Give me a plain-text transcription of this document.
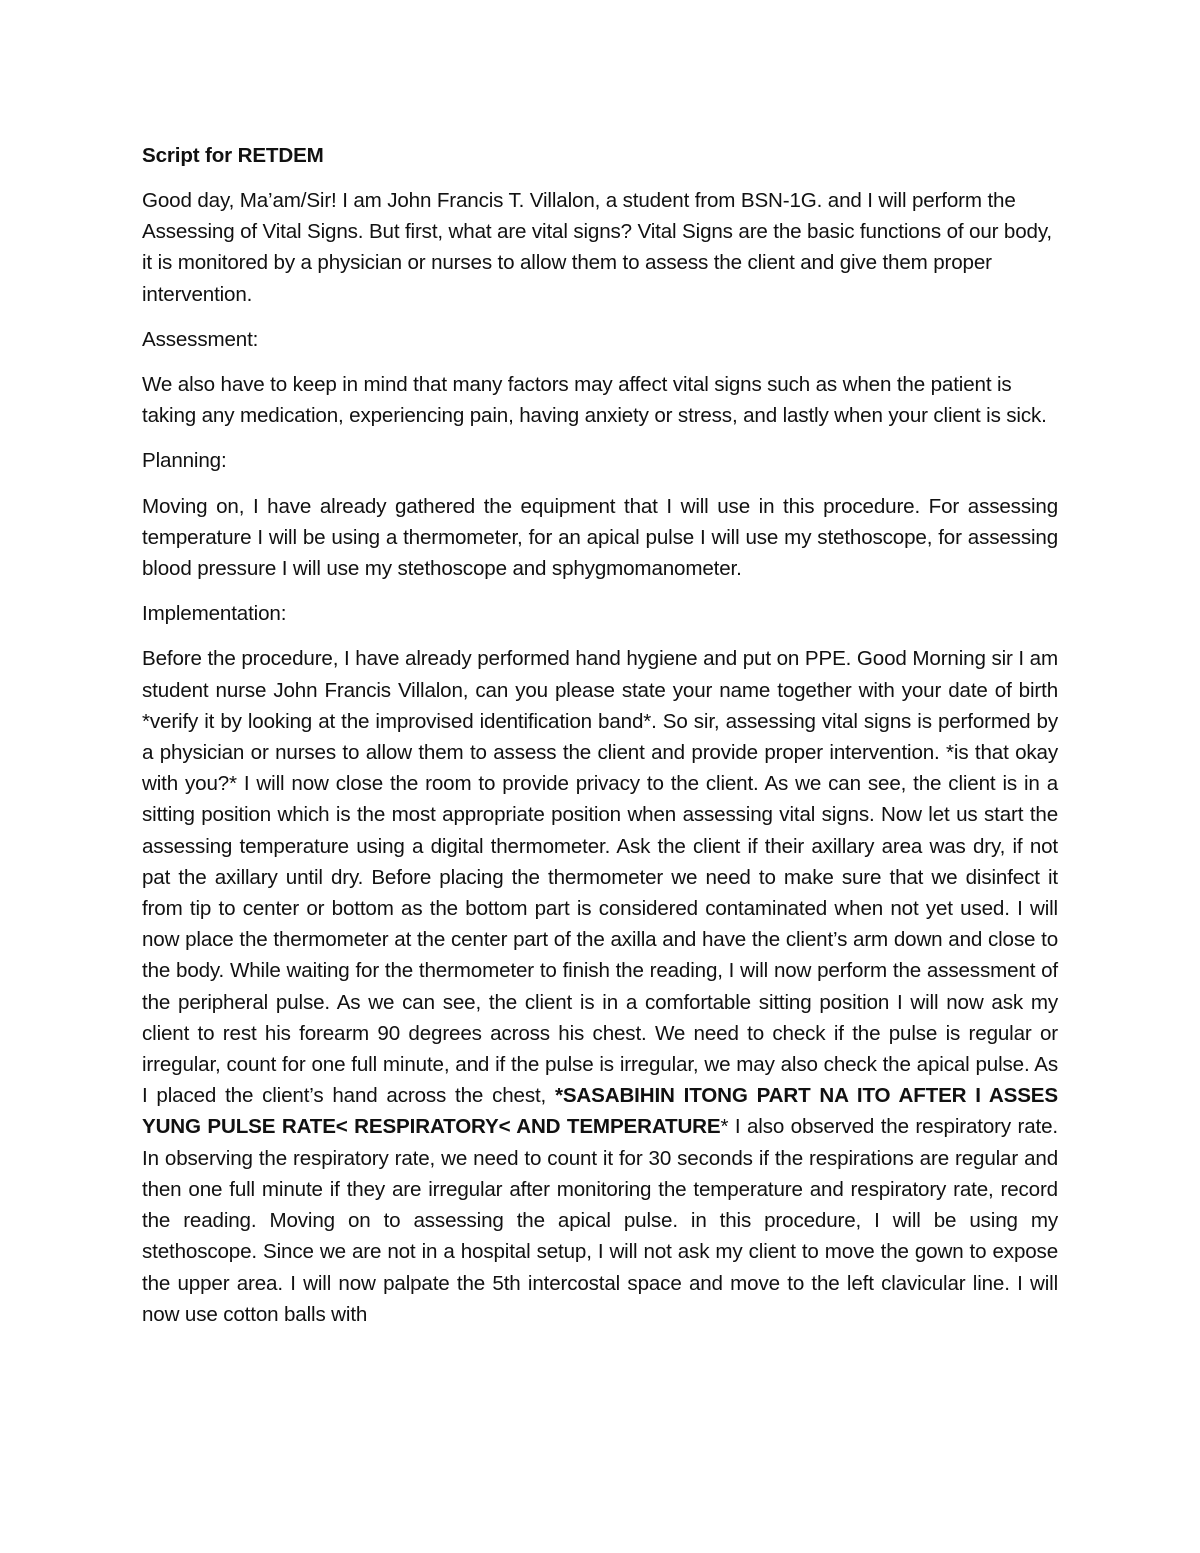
Script for RETDEM
Good day, Ma’am/Sir! I am John Francis T. Villalon, a student from BSN-1G. and I will perform the Assessing of Vital Signs. But first, what are vital signs? Vital Signs are the basic functions of our body, it is monitored by a physician or nurses to allow them to assess the client and give them proper intervention.
Assessment:
We also have to keep in mind that many factors may affect vital signs such as when the patient is taking any medication, experiencing pain, having anxiety or stress, and lastly when your client is sick.
Planning:
Moving on, I have already gathered the equipment that I will use in this procedure. For assessing temperature I will be using a thermometer, for an apical pulse I will use my stethoscope, for assessing blood pressure I will use my stethoscope and sphygmomanometer.
Implementation:
Before the procedure, I have already performed hand hygiene and put on PPE. Good Morning sir I am student nurse John Francis Villalon, can you please state your name together with your date of birth *verify it by looking at the improvised identification band*. So sir, assessing vital signs is performed by a physician or nurses to allow them to assess the client and provide proper intervention. *is that okay with you?* I will now close the room to provide privacy to the client. As we can see, the client is in a sitting position which is the most appropriate position when assessing vital signs. Now let us start the assessing temperature using a digital thermometer. Ask the client if their axillary area was dry, if not pat the axillary until dry. Before placing the thermometer we need to make sure that we disinfect it from tip to center or bottom as the bottom part is considered contaminated when not yet used. I will now place the thermometer at the center part of the axilla and have the client’s arm down and close to the body. While waiting for the thermometer to finish the reading, I will now perform the assessment of the peripheral pulse. As we can see, the client is in a comfortable sitting position I will now ask my client to rest his forearm 90 degrees across his chest. We need to check if the pulse is regular or irregular, count for one full minute, and if the pulse is irregular, we may also check the apical pulse. As I placed the client’s hand across the chest, *SASABIHIN ITONG PART NA ITO AFTER I ASSES YUNG PULSE RATE< RESPIRATORY< AND TEMPERATURE* I also observed the respiratory rate. In observing the respiratory rate, we need to count it for 30 seconds if the respirations are regular and then one full minute if they are irregular after monitoring the temperature and respiratory rate, record the reading. Moving on to assessing the apical pulse. in this procedure, I will be using my stethoscope. Since we are not in a hospital setup, I will not ask my client to move the gown to expose the upper area. I will now palpate the 5th intercostal space and move to the left clavicular line. I will now use cotton balls with
